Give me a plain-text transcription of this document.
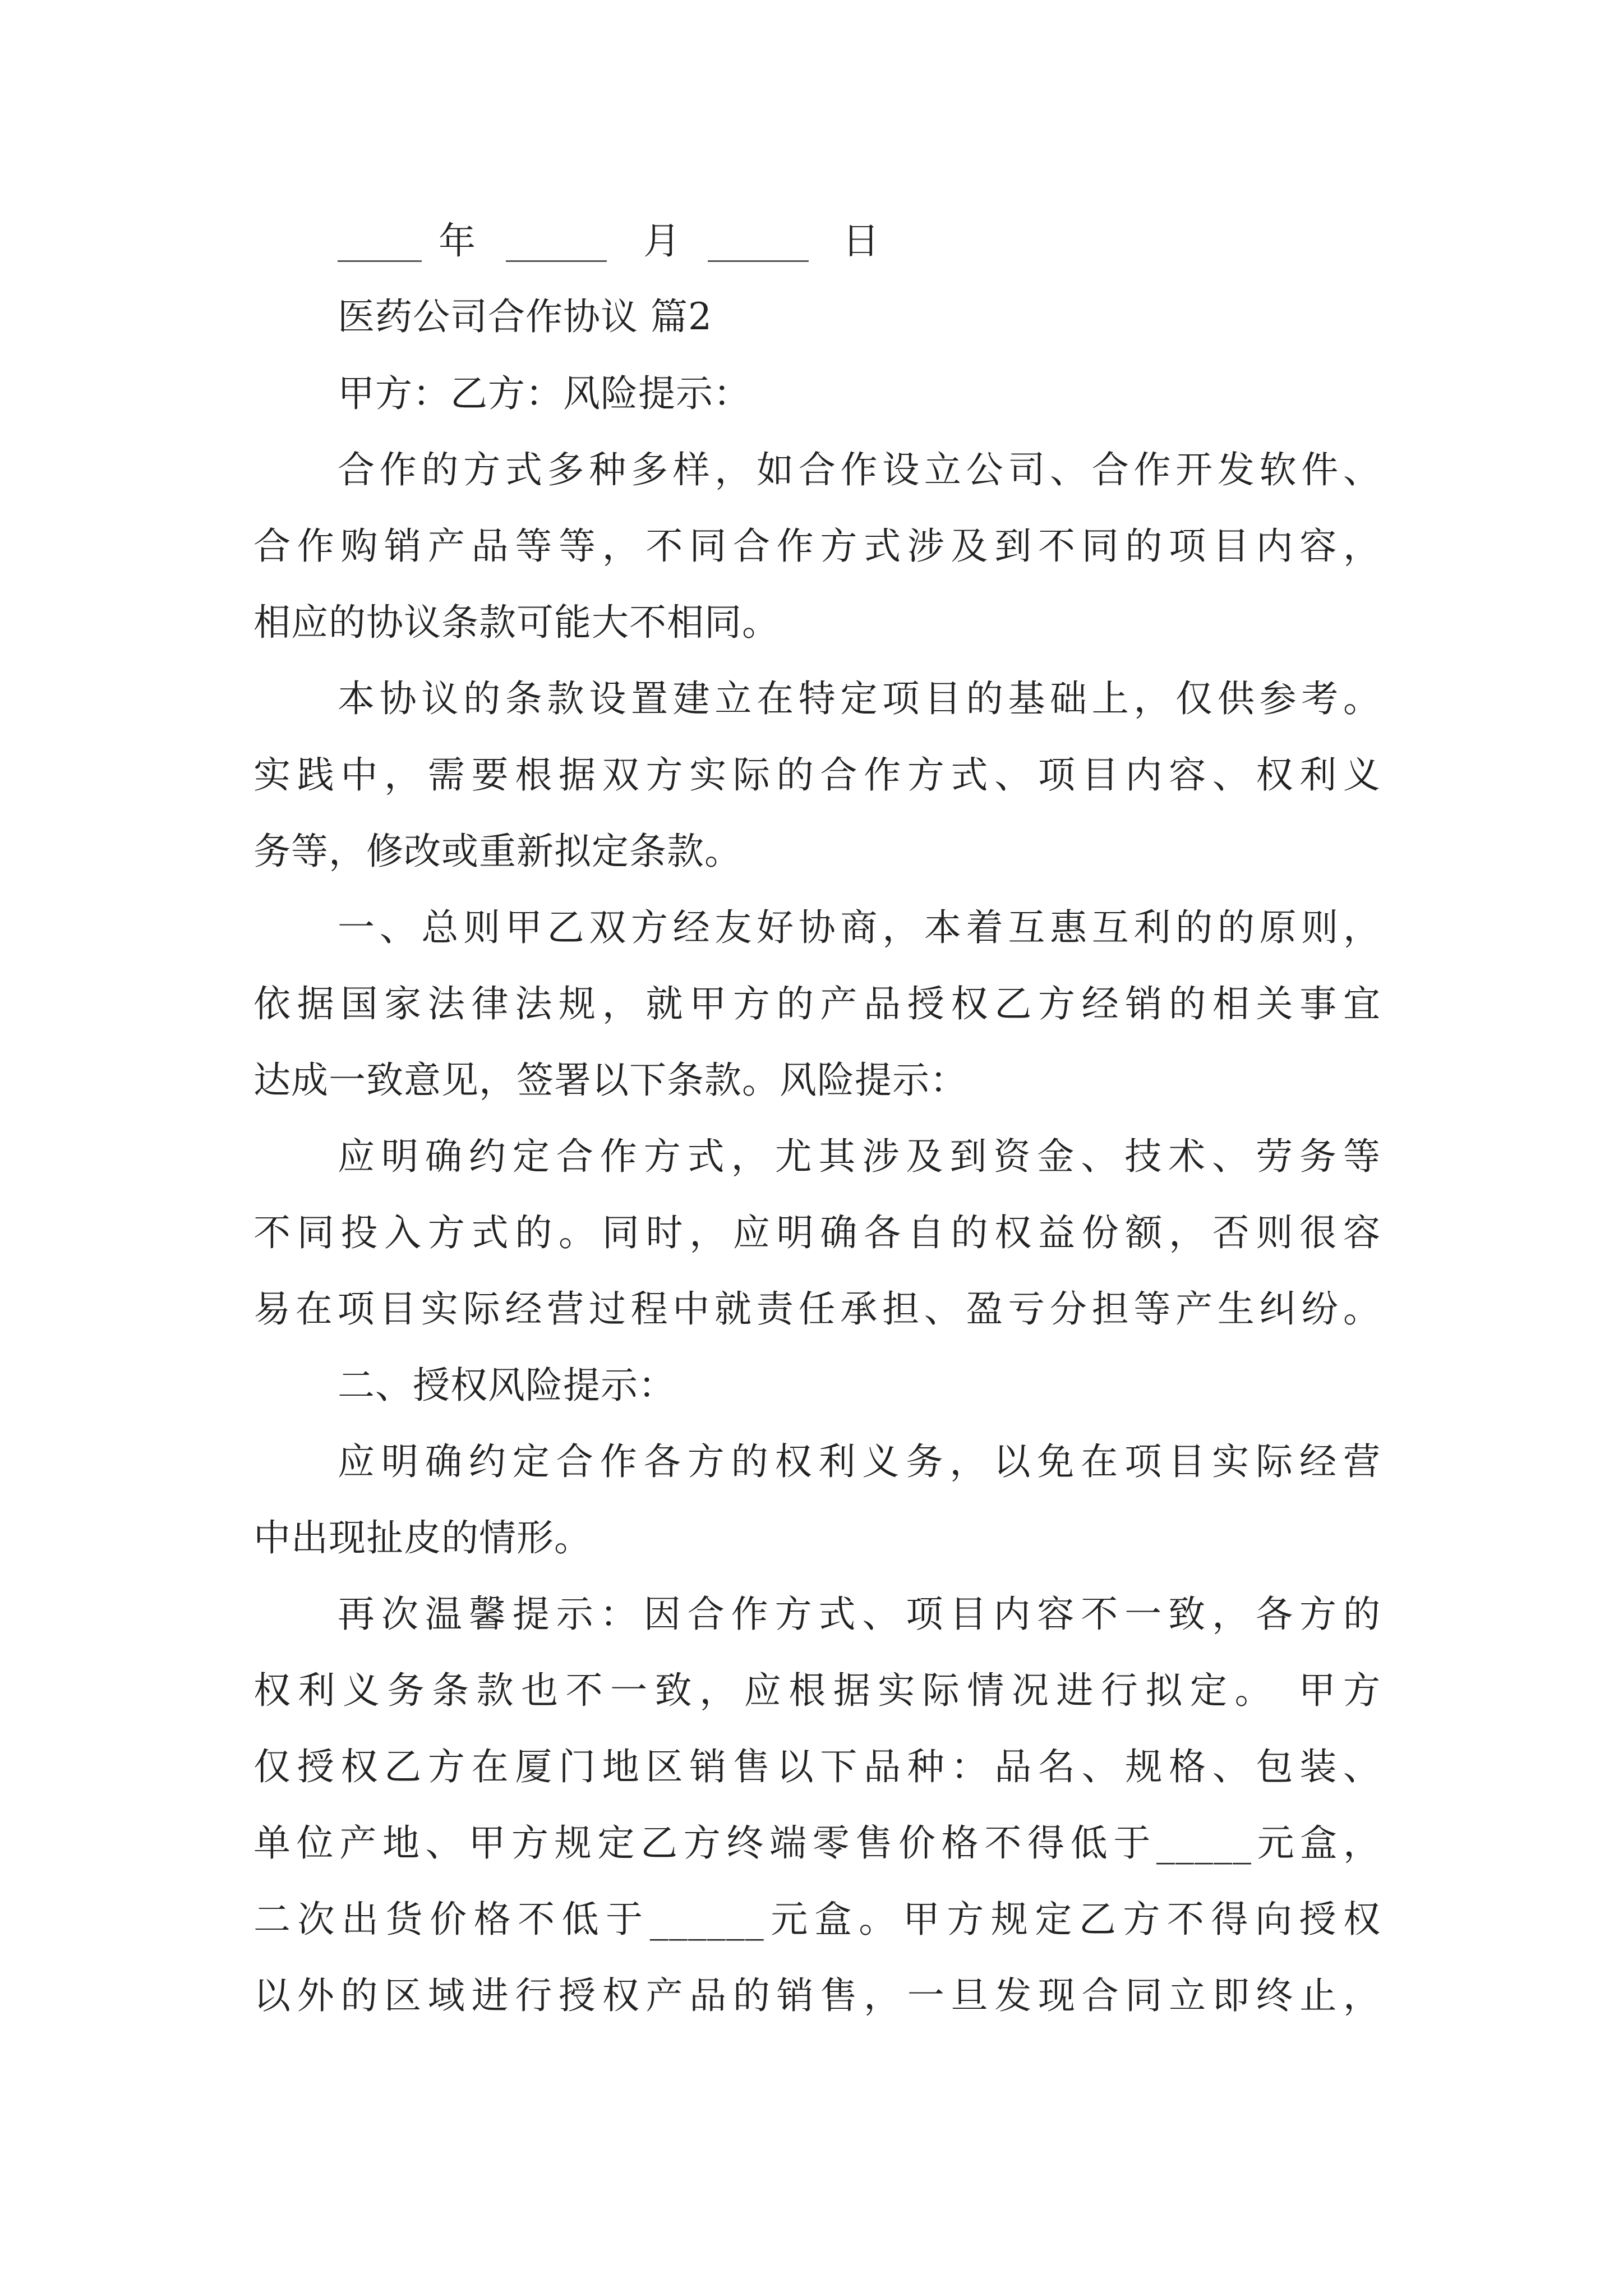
年	月	日
医药公司合作协议 篇2
甲方：乙方：风险提示：
合作的方式多种多样，如合作设立公司、合作开发软件、
合作购销产品等等，不同合作方式涉及到不同的项目内容，
相应的协议条款可能大不相同。
本协议的条款设置建立在特定项目的基础上，仅供参考。
实践中，需要根据双方实际的合作方式、项目内容、权利义
务等，修改或重新拟定条款。
一、总则甲乙双方经友好协商，本着互惠互利的的原则，
依据国家法律法规，就甲方的产品授权乙方经销的相关事宜
达成一致意见，签署以下条款。风险提示：
应明确约定合作方式，尤其涉及到资金、技术、劳务等
不同投入方式的。同时，应明确各自的权益份额，否则很容
易在项目实际经营过程中就责任承担、盈亏分担等产生纠纷。
二、授权风险提示：
应明确约定合作各方的权利义务，以免在项目实际经营
中出现扯皮的情形。
再次温馨提示：因合作方式、项目内容不一致，各方的
权利义务条款也不一致，应根据实际情况进行拟定。 甲方
仅授权乙方在厦门地区销售以下品种：品名、规格、包装、
单位产地、甲方规定乙方终端零售价格不得低于_____元盒，
二次出货价格不低于______元盒。甲方规定乙方不得向授权
以外的区域进行授权产品的销售，一旦发现合同立即终止，
